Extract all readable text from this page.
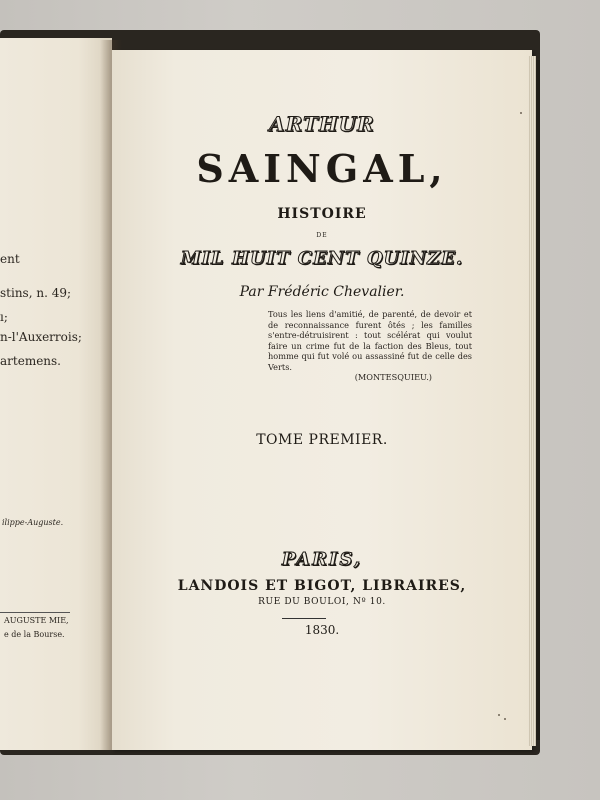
ent
stins, n. 49;
ı;
n-l'Auxerrois;
artemens.
ilippe-Auguste.
AUGUSTE MIE,
e de la Bourse.
ARTHUR
SAINGAL,
HISTOIRE
DE
MIL HUIT CENT QUINZE.
Par Frédéric Chevalier.
Tous les liens d'amitié, de parenté, de devoir et de reconnaissance furent ôtés ; les familles s'entre-détruisirent : tout scélérat qui voulut faire un crime fut de la faction des Bleus, tout homme qui fut volé ou assassiné fut de celle des Verts.
(MONTESQUIEU.)
TOME PREMIER.
PARIS,
LANDOIS ET BIGOT, LIBRAIRES,
RUE DU BOULOI, Nº 10.
1830.
